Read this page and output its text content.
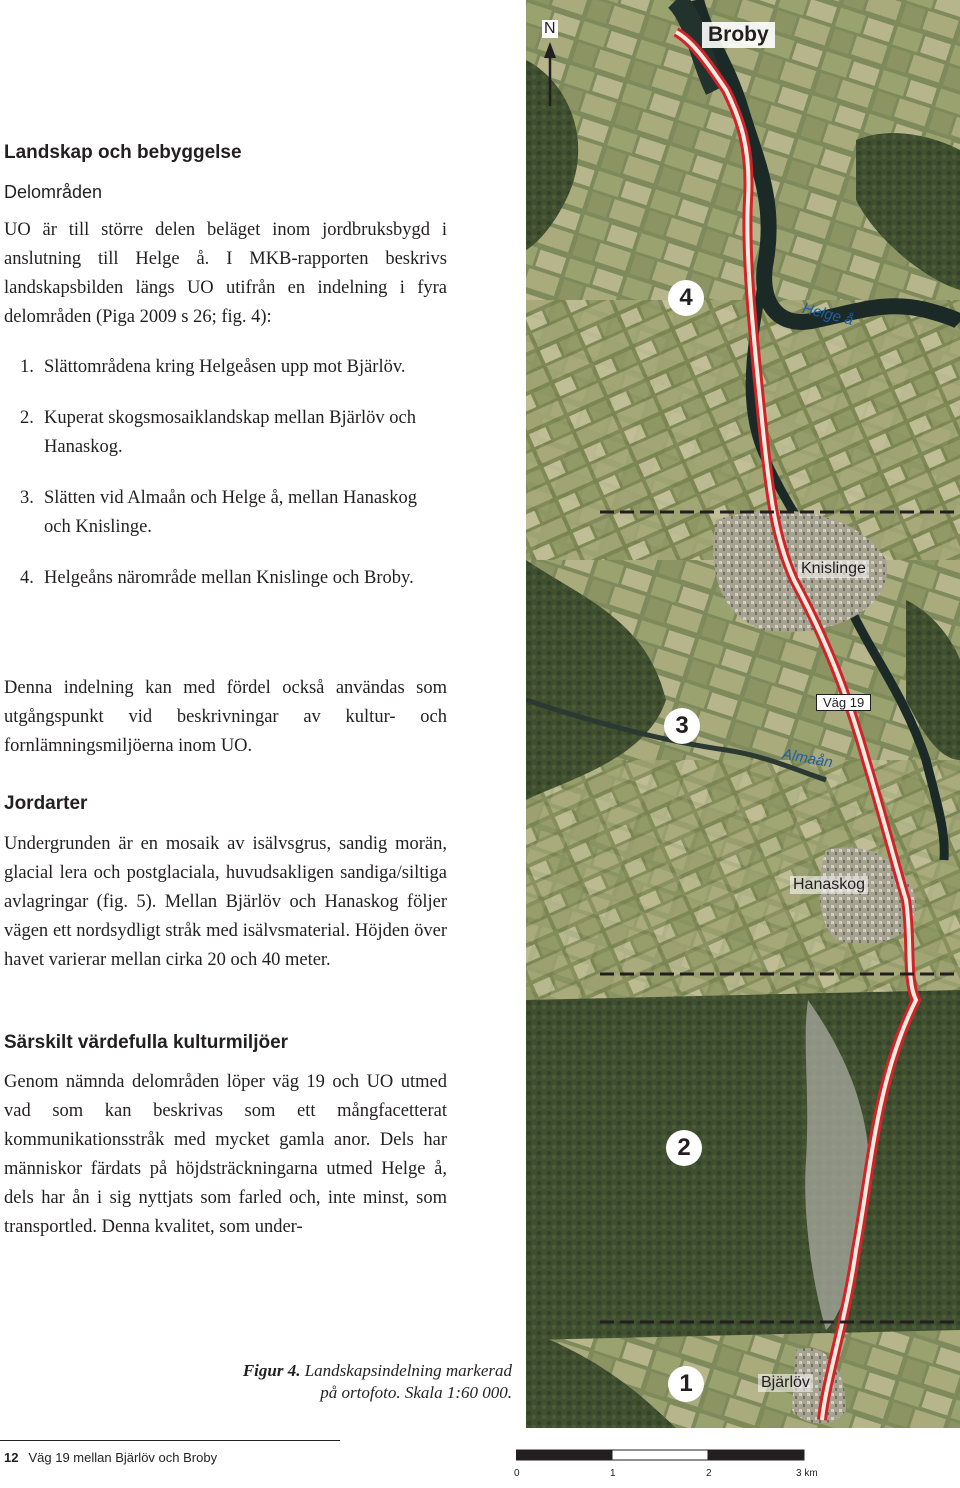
Landskap och bebyggelse
Delområden

UO är till större delen beläget inom jordbruksbygd i anslutning till Helge å. I MKB-rapporten beskrivs landskapsbilden längs UO utifrån en indelning i fyra delområden (Piga 2009 s 26; fig. 4):

1. Slättområdena kring Helgeåsen upp mot Bjärlöv.
2. Kuperat skogsmosaiklandskap mellan Bjärlöv och Hanaskog.
3. Slätten vid Almaån och Helge å, mellan Hanaskog och Knislinge.
4. Helgeåns närområde mellan Knislinge och Broby.

Denna indelning kan med fördel också användas som utgångspunkt vid beskrivningar av kultur- och fornlämningsmiljöerna inom UO.

Jordarter

Undergrunden är en mosaik av isälvsgrus, sandig morän, glacial lera och postglaciala, huvudsakligen sandiga/siltiga avlagringar (fig. 5). Mellan Bjärlöv och Hanaskog följer vägen ett nordsydligt stråk med isälvsmaterial. Höjden över havet varierar mellan cirka 20 och 40 meter.

Särskilt värdefulla kulturmiljöer

Genom nämnda delområden löper väg 19 och UO utmed vad som kan beskrivas som ett mångfacetterat kommunikationsstråk med mycket gamla anor. Dels har människor färdats på höjdsträckningarna utmed Helge å, dels har ån i sig nyttjats som farled och, inte minst, som transportled. Denna kvalitet, som under-

Figur 4. Landskapsindelning markerad
på ortofoto. Skala 1:60 000.
N	Broby
4
Helge å
Knislinge
Väg 19
3
Almaån
Hanaskog
2
1	Bjärlöv
0	1	2	3 km
12 Väg 19 mellan Bjärlöv och Broby
